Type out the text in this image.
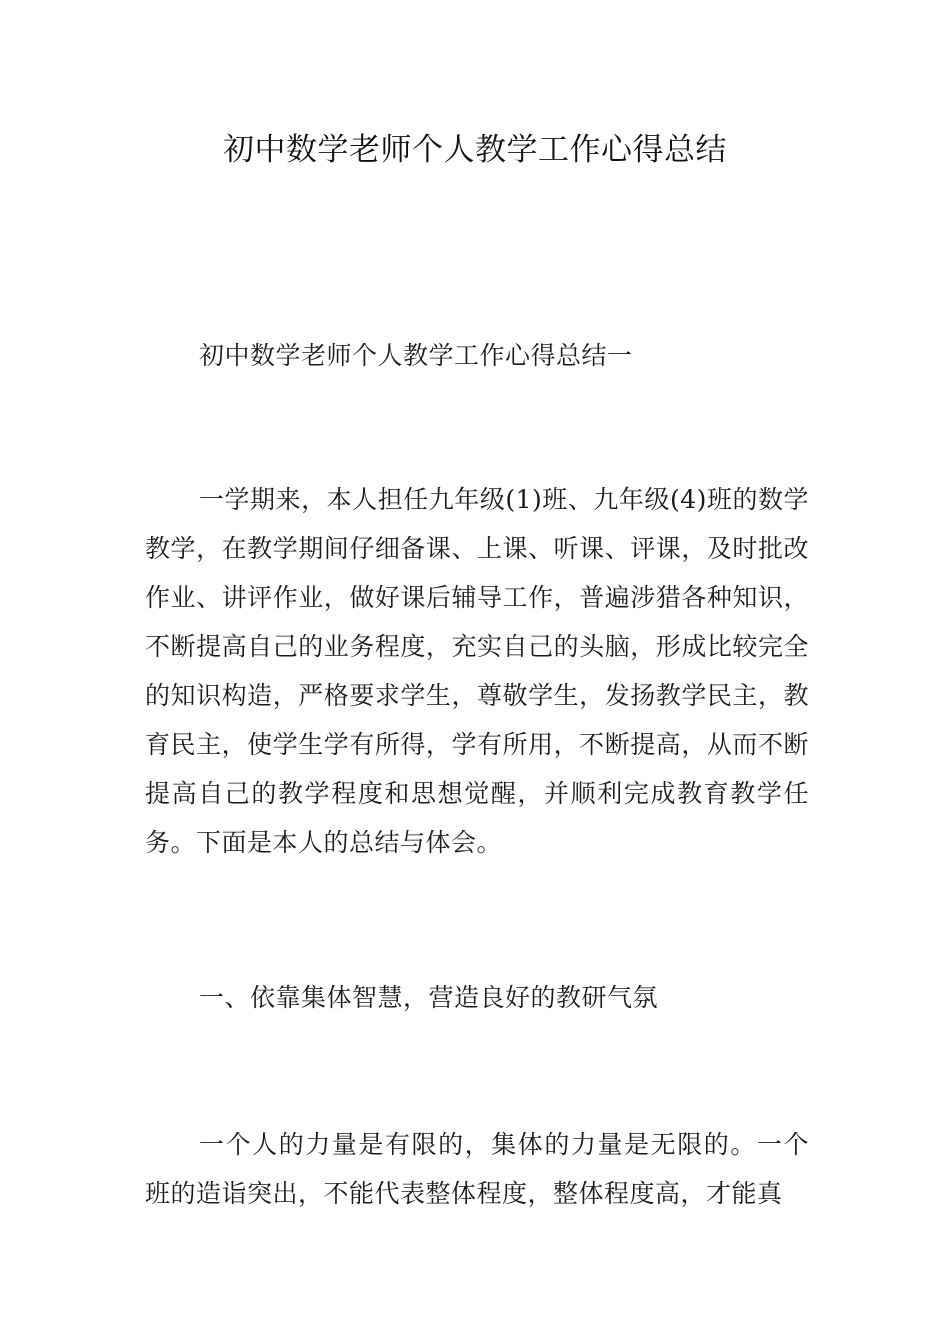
初中数学老师个人教学工作心得总结

初中数学老师个人教学工作心得总结一

一学期来，本人担任九年级(1)班、九年级(4)班的数学教学，在教学期间仔细备课、上课、听课、评课，及时批改作业、讲评作业，做好课后辅导工作，普遍涉猎各种知识，不断提高自己的业务程度，充实自己的头脑，形成比较完全的知识构造，严格要求学生，尊敬学生，发扬教学民主，教育民主，使学生学有所得，学有所用，不断提高，从而不断提高自己的教学程度和思想觉醒，并顺利完成教育教学任务。下面是本人的总结与体会。

一、依靠集体智慧，营造良好的教研气氛

一个人的力量是有限的，集体的力量是无限的。一个班的造诣突出，不能代表整体程度，整体程度高，才能真
